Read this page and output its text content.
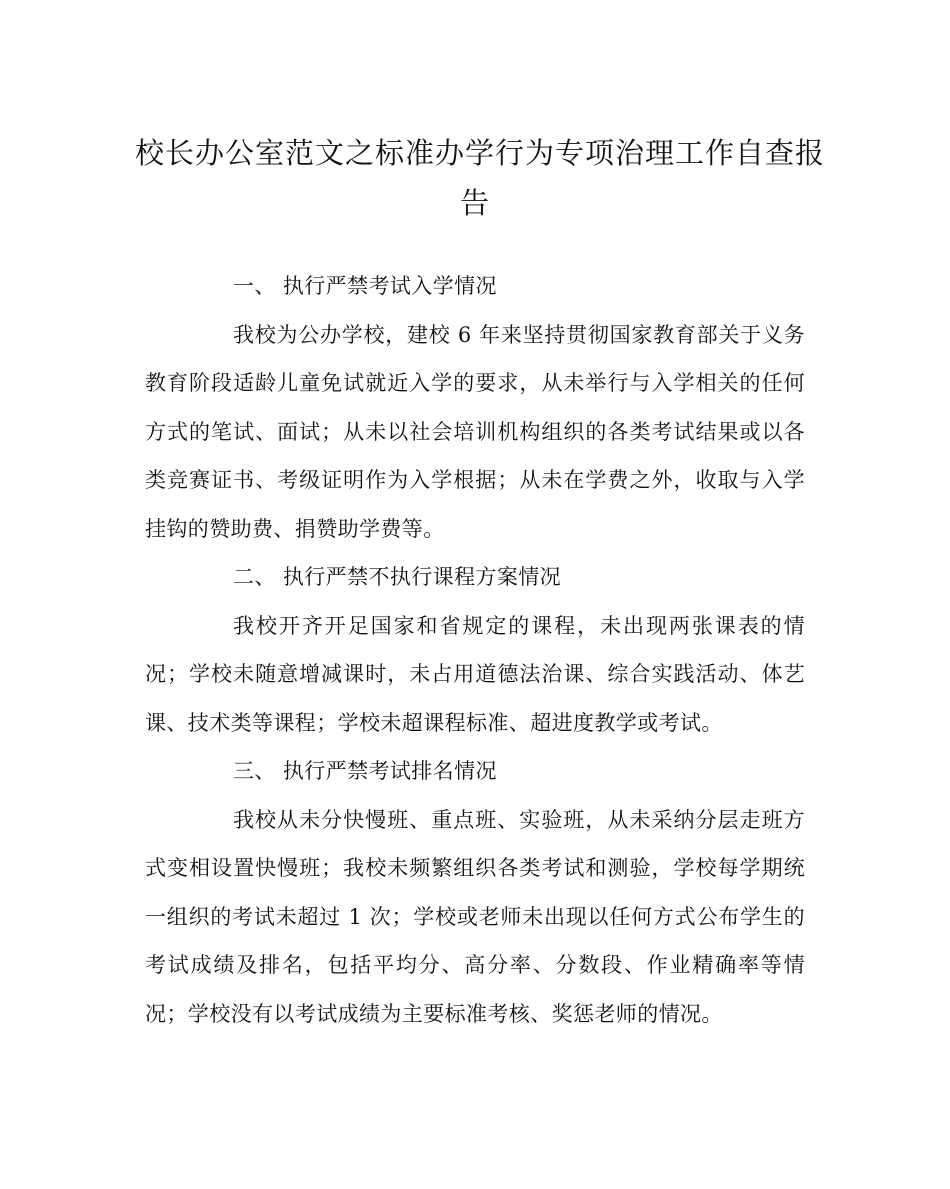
校长办公室范文之标准办学行为专项治理工作自查报
告

一、 执行严禁考试入学情况

我校为公办学校，建校 6 年来坚持贯彻国家教育部关于义务教育阶段适龄儿童免试就近入学的要求，从未举行与入学相关的任何方式的笔试、面试；从未以社会培训机构组织的各类考试结果或以各类竞赛证书、考级证明作为入学根据；从未在学费之外，收取与入学挂钩的赞助费、捐赞助学费等。

二、 执行严禁不执行课程方案情况

我校开齐开足国家和省规定的课程，未出现两张课表的情况；学校未随意增减课时，未占用道德法治课、综合实践活动、体艺课、技术类等课程；学校未超课程标准、超进度教学或考试。

三、 执行严禁考试排名情况

我校从未分快慢班、重点班、实验班，从未采纳分层走班方式变相设置快慢班；我校未频繁组织各类考试和测验，学校每学期统一组织的考试未超过 1 次；学校或老师未出现以任何方式公布学生的考试成绩及排名，包括平均分、高分率、分数段、作业精确率等情况；学校没有以考试成绩为主要标准考核、奖惩老师的情况。
